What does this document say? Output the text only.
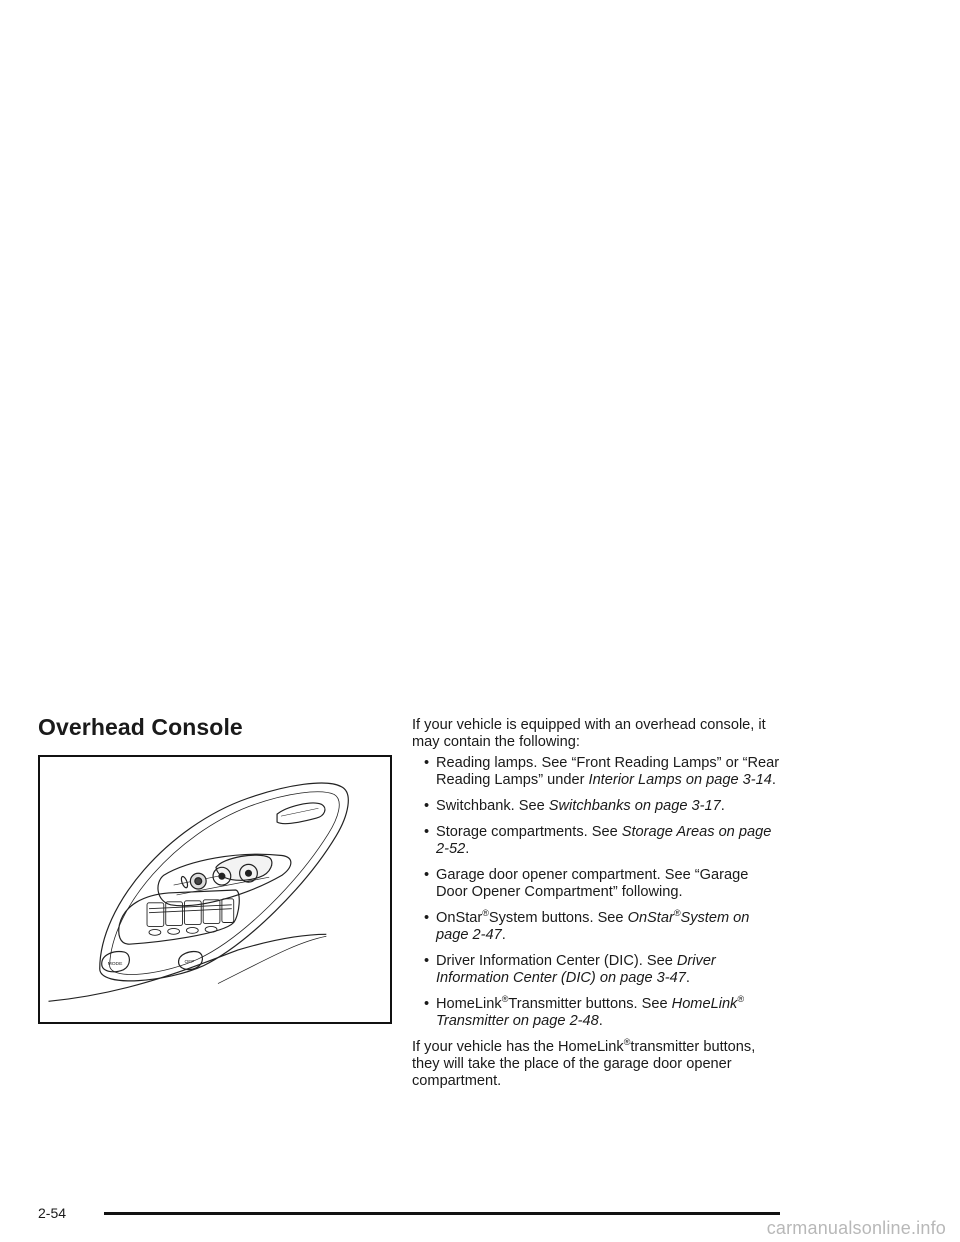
Overhead Console
MODE	OFF

If your vehicle is equipped with an overhead console, it may contain the following:

• Reading lamps. See “Front Reading Lamps” or “Rear Reading Lamps” under Interior Lamps on page 3-14.
• Switchbank. See Switchbanks on page 3-17.
• Storage compartments. See Storage Areas on page 2-52.
• Garage door opener compartment. See “Garage Door Opener Compartment” following.
• OnStar®System buttons. See OnStar®System on page 2-47.
• Driver Information Center (DIC). See Driver Information Center (DIC) on page 3-47.
• HomeLink®Transmitter buttons. See HomeLink® Transmitter on page 2-48.

If your vehicle has the HomeLink®transmitter buttons, they will take the place of the garage door opener compartment.

2-54
carmanualsonline.info
